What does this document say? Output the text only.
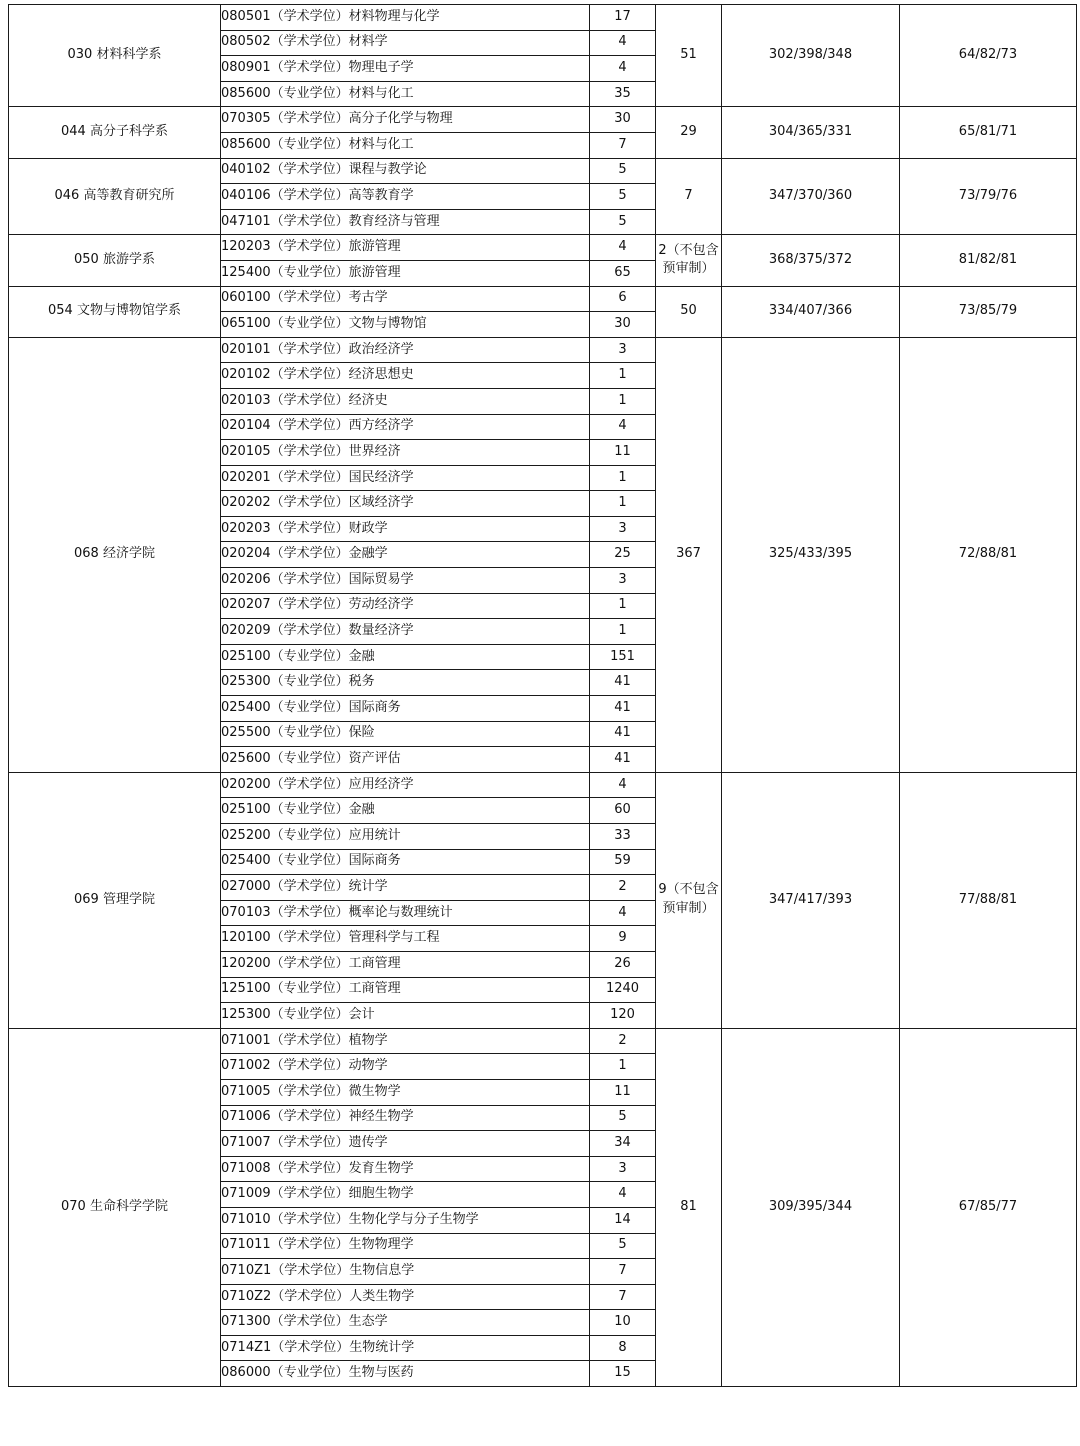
030 材料科学系	080501（学术学位）材料物理与化学	17	51	302/398/348	64/82/73
	080502（学术学位）材料学	4			
	080901（学术学位）物理电子学	4			
	085600（专业学位）材料与化工	35			
044 高分子科学系	070305（学术学位）高分子化学与物理	30	29	304/365/331	65/81/71
	085600（专业学位）材料与化工	7			
046 高等教育研究所	040102（学术学位）课程与教学论	5	7	347/370/360	73/79/76
	040106（学术学位）高等教育学	5			
	047101（学术学位）教育经济与管理	5			
050 旅游学系	120203（学术学位）旅游管理	4	2（不包含预审制）	368/375/372	81/82/81
	125400（专业学位）旅游管理	65			
054 文物与博物馆学系	060100（学术学位）考古学	6	50	334/407/366	73/85/79
	065100（专业学位）文物与博物馆	30			
068 经济学院	020101（学术学位）政治经济学	3	367	325/433/395	72/88/81
	020102（学术学位）经济思想史	1			
	020103（学术学位）经济史	1			
	020104（学术学位）西方经济学	4			
	020105（学术学位）世界经济	11			
	020201（学术学位）国民经济学	1			
	020202（学术学位）区域经济学	1			
	020203（学术学位）财政学	3			
	020204（学术学位）金融学	25			
	020206（学术学位）国际贸易学	3			
	020207（学术学位）劳动经济学	1			
	020209（学术学位）数量经济学	1			
	025100（专业学位）金融	151			
	025300（专业学位）税务	41			
	025400（专业学位）国际商务	41			
	025500（专业学位）保险	41			
	025600（专业学位）资产评估	41			
069 管理学院	020200（学术学位）应用经济学	4	9（不包含预审制）	347/417/393	77/88/81
	025100（专业学位）金融	60			
	025200（专业学位）应用统计	33			
	025400（专业学位）国际商务	59			
	027000（学术学位）统计学	2			
	070103（学术学位）概率论与数理统计	4			
	120100（学术学位）管理科学与工程	9			
	120200（学术学位）工商管理	26			
	125100（专业学位）工商管理	1240			
	125300（专业学位）会计	120			
070 生命科学学院	071001（学术学位）植物学	2	81	309/395/344	67/85/77
	071002（学术学位）动物学	1			
	071005（学术学位）微生物学	11			
	071006（学术学位）神经生物学	5			
	071007（学术学位）遗传学	34			
	071008（学术学位）发育生物学	3			
	071009（学术学位）细胞生物学	4			
	071010（学术学位）生物化学与分子生物学	14			
	071011（学术学位）生物物理学	5			
	0710Z1（学术学位）生物信息学	7			
	0710Z2（学术学位）人类生物学	7			
	071300（学术学位）生态学	10			
	0714Z1（学术学位）生物统计学	8			
	086000（专业学位）生物与医药	15			
